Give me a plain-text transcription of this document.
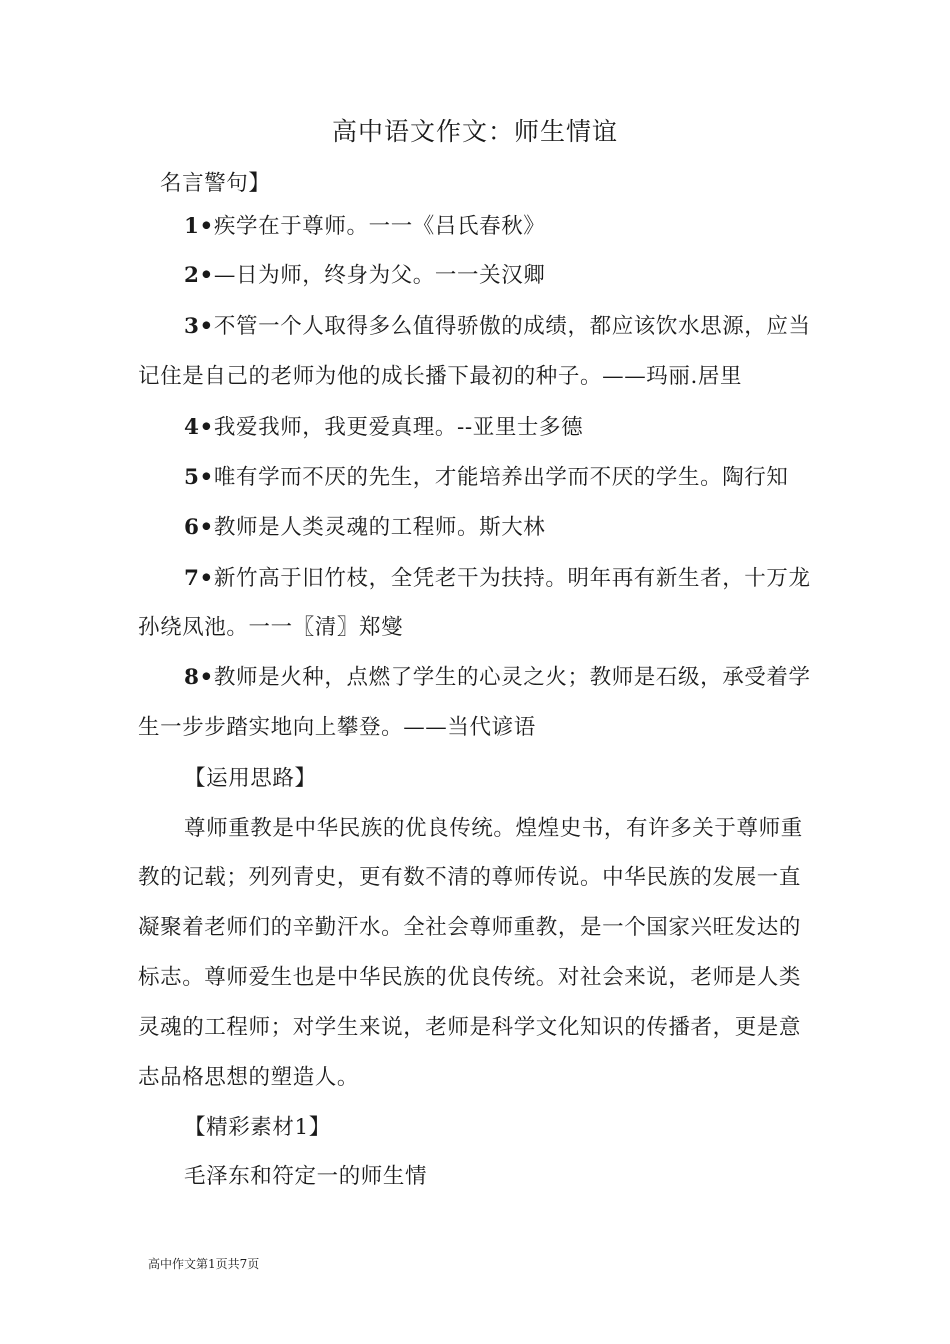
高中语文作文：师生情谊
名言警句】
1•疾学在于尊师。一一《吕氏春秋》
2•—日为师，终身为父。一一关汉卿
3•不管一个人取得多么值得骄傲的成绩，都应该饮水思源，应当
记住是自己的老师为他的成长播下最初的种子。——玛丽.居里
4•我爱我师，我更爱真理。--亚里士多德
5•唯有学而不厌的先生，才能培养出学而不厌的学生。陶行知
6•教师是人类灵魂的工程师。斯大林
7•新竹高于旧竹枝，全凭老干为扶持。明年再有新生者，十万龙
孙绕凤池。一一〖清〗郑燮
8•教师是火种，点燃了学生的心灵之火；教师是石级，承受着学
生一步步踏实地向上攀登。——当代谚语
【运用思路】
尊师重教是中华民族的优良传统。煌煌史书，有许多关于尊师重
教的记载；列列青史，更有数不清的尊师传说。中华民族的发展一直
凝聚着老师们的辛勤汗水。全社会尊师重教，是一个国家兴旺发达的
标志。尊师爱生也是中华民族的优良传统。对社会来说，老师是人类
灵魂的工程师；对学生来说，老师是科学文化知识的传播者，更是意
志品格思想的塑造人。
【精彩素材1】
毛泽东和符定一的师生情
高中作文第1页共7页
